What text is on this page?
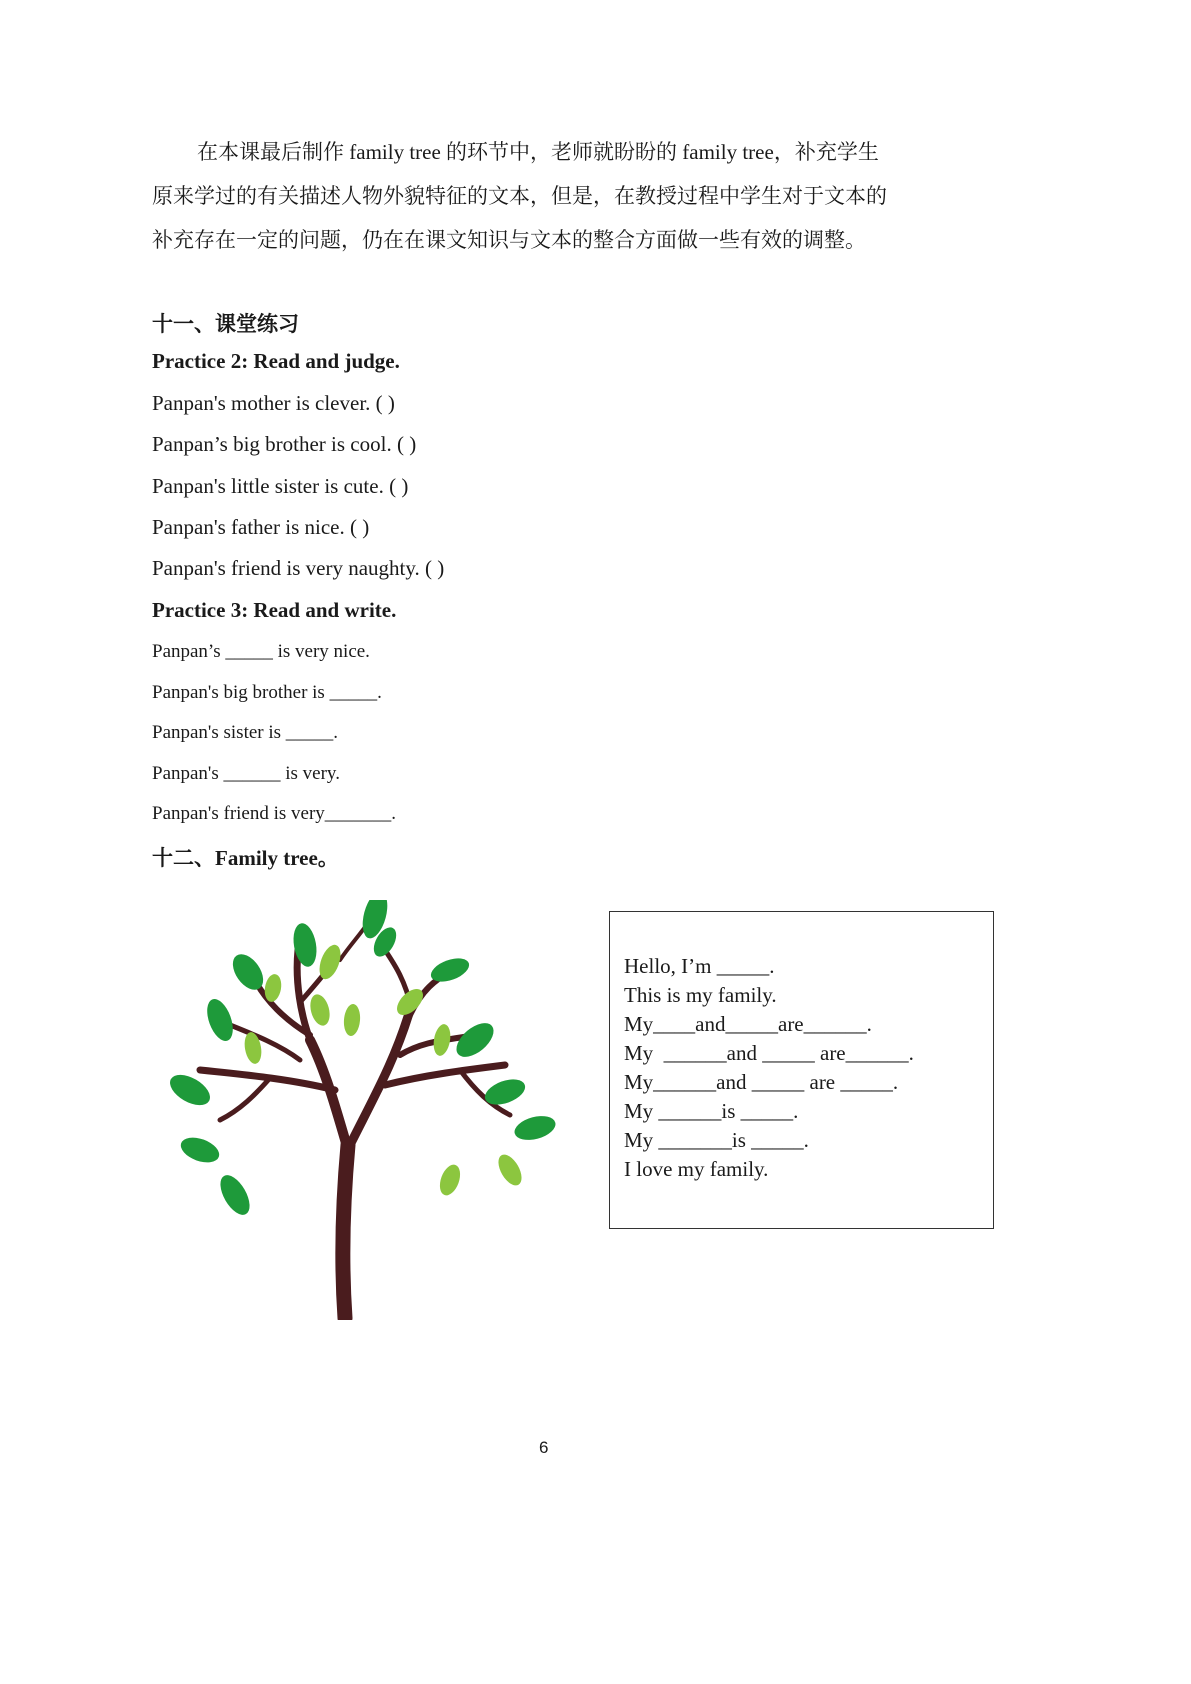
在本课最后制作 family tree 的环节中，老师就盼盼的 family tree，补充学生

原来学过的有关描述人物外貌特征的文本，但是，在教授过程中学生对于文本的

补充存在一定的问题，仍在在课文知识与文本的整合方面做一些有效的调整。

十一、课堂练习
Practice 2: Read and judge.
Panpan's mother is clever. ( )
Panpan’s big brother is cool. ( )
Panpan's little sister is cute. ( )
Panpan's father is nice. ( )
Panpan's friend is very naughty. ( )
Practice 3: Read and write.
Panpan’s _____ is very nice.
Panpan's big brother is _____.
Panpan's sister is _____.
Panpan's ______ is very.
Panpan's friend is very_______.
十二、Family tree。
Hello, I’m _____.
This is my family.
My____and_____are______.
My  ______and _____ are______.
My______and _____ are _____.
My ______is _____.
My _______is _____.
I love my family.
6
